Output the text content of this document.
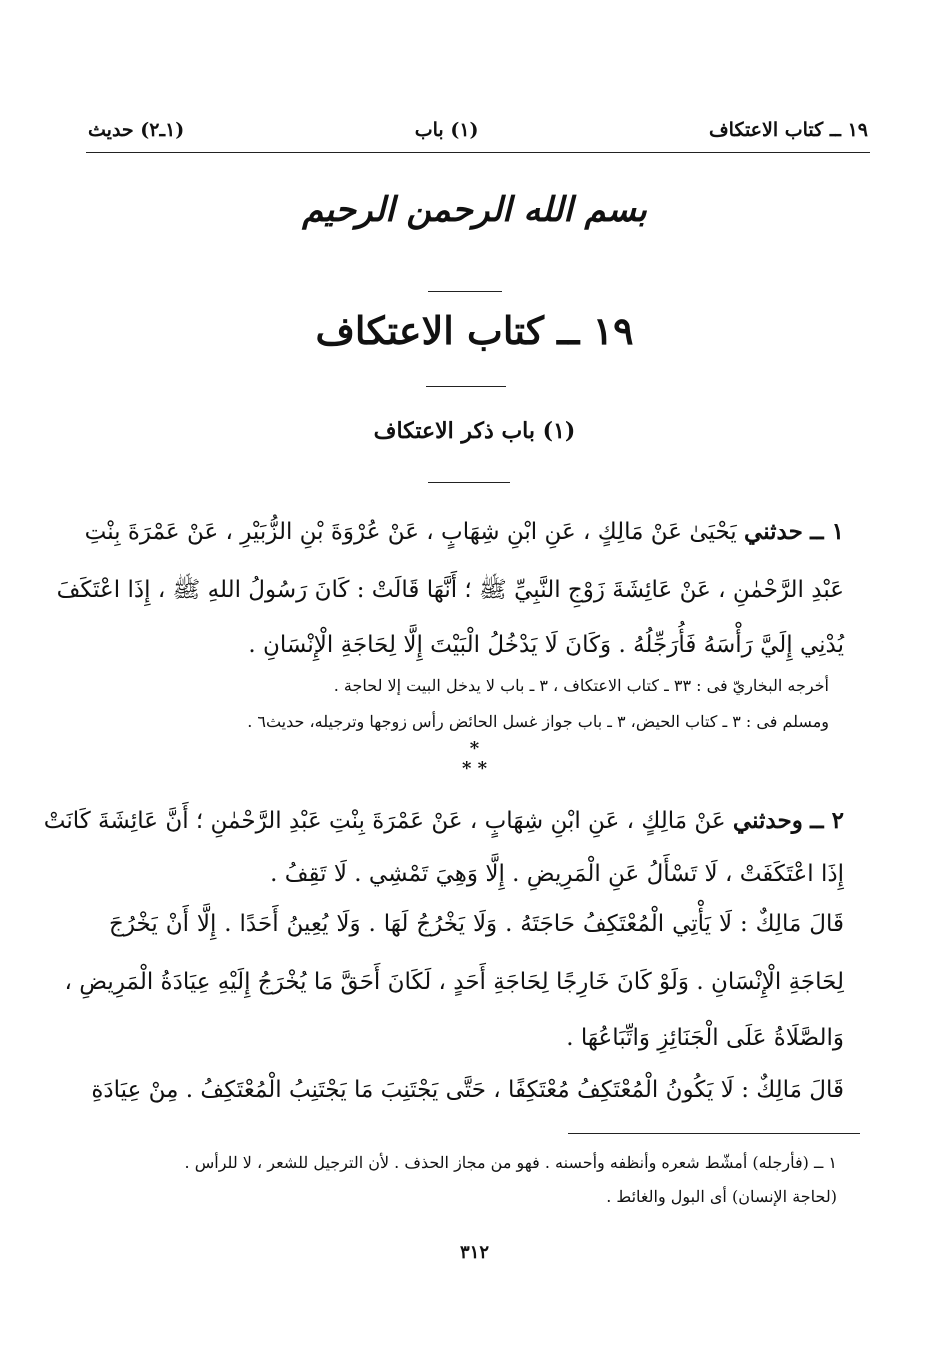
١٩ ــ كتاب الاعتكاف
(١) باب
(١ـ٢) حديث
بسم الله الرحمن الرحيم
١٩ ــ كتاب الاعتكاف
(١) باب ذكر الاعتكاف
١ ــ حدثني يَحْيَىٰ عَنْ مَالِكٍ ، عَنِ ابْنِ شِهَابٍ ، عَنْ عُرْوَةَ بْنِ الزُّبَيْرِ ، عَنْ عَمْرَةَ بِنْتِ
عَبْدِ الرَّحْمٰنِ ، عَنْ عَائِشَةَ زَوْجِ النَّبِيِّ ﷺ ؛ أَنَّهَا قَالَتْ : كَانَ رَسُولُ اللهِ ﷺ ، إِذَا اعْتَكَفَ
يُدْنِي إِلَيَّ رَأْسَهُ فَأُرَجِّلُهُ . وَكَانَ لَا يَدْخُلُ الْبَيْتَ إِلَّا لِحَاجَةِ الْإِنْسَانِ .
أخرجه البخاريّ فى : ٣٣ ـ كتاب الاعتكاف ، ٣ ـ باب لا يدخل البيت إلا لحاجة .
ومسلم فى : ٣ ـ كتاب الحيض، ٣ ـ باب جواز غسل الحائض رأس زوجها وترجيله، حديث٦ .
*
* *
٢ ــ وحدثني عَنْ مَالِكٍ ، عَنِ ابْنِ شِهَابٍ ، عَنْ عَمْرَةَ بِنْتِ عَبْدِ الرَّحْمٰنِ ؛ أَنَّ عَائِشَةَ كَانَتْ
إِذَا اعْتَكَفَتْ ، لَا تَسْأَلُ عَنِ الْمَرِيضِ . إِلَّا وَهِيَ تَمْشِي . لَا تَقِفُ .
قَالَ مَالِكٌ : لَا يَأْتِي الْمُعْتَكِفُ حَاجَتَهُ . وَلَا يَخْرُجُ لَهَا . وَلَا يُعِينُ أَحَدًا . إِلَّا أَنْ يَخْرُجَ
لِحَاجَةِ الْإِنْسَانِ . وَلَوْ كَانَ خَارِجًا لِحَاجَةِ أَحَدٍ ، لَكَانَ أَحَقَّ مَا يُخْرَجُ إِلَيْهِ عِيَادَةُ الْمَرِيضِ ،
وَالصَّلَاةُ عَلَى الْجَنَائِزِ وَاتِّبَاعُهَا .
قَالَ مَالِكٌ : لَا يَكُونُ الْمُعْتَكِفُ مُعْتَكِفًا ، حَتَّى يَجْتَنِبَ مَا يَجْتَنِبُ الْمُعْتَكِفُ . مِنْ عِيَادَةِ
١ ــ (فأرجله) أمشّط شعره وأنظفه وأحسنه . فهو من مجاز الحذف . لأن الترجيل للشعر ، لا للرأس .
(لحاجة الإنسان) أى البول والغائط .
٣١٢
